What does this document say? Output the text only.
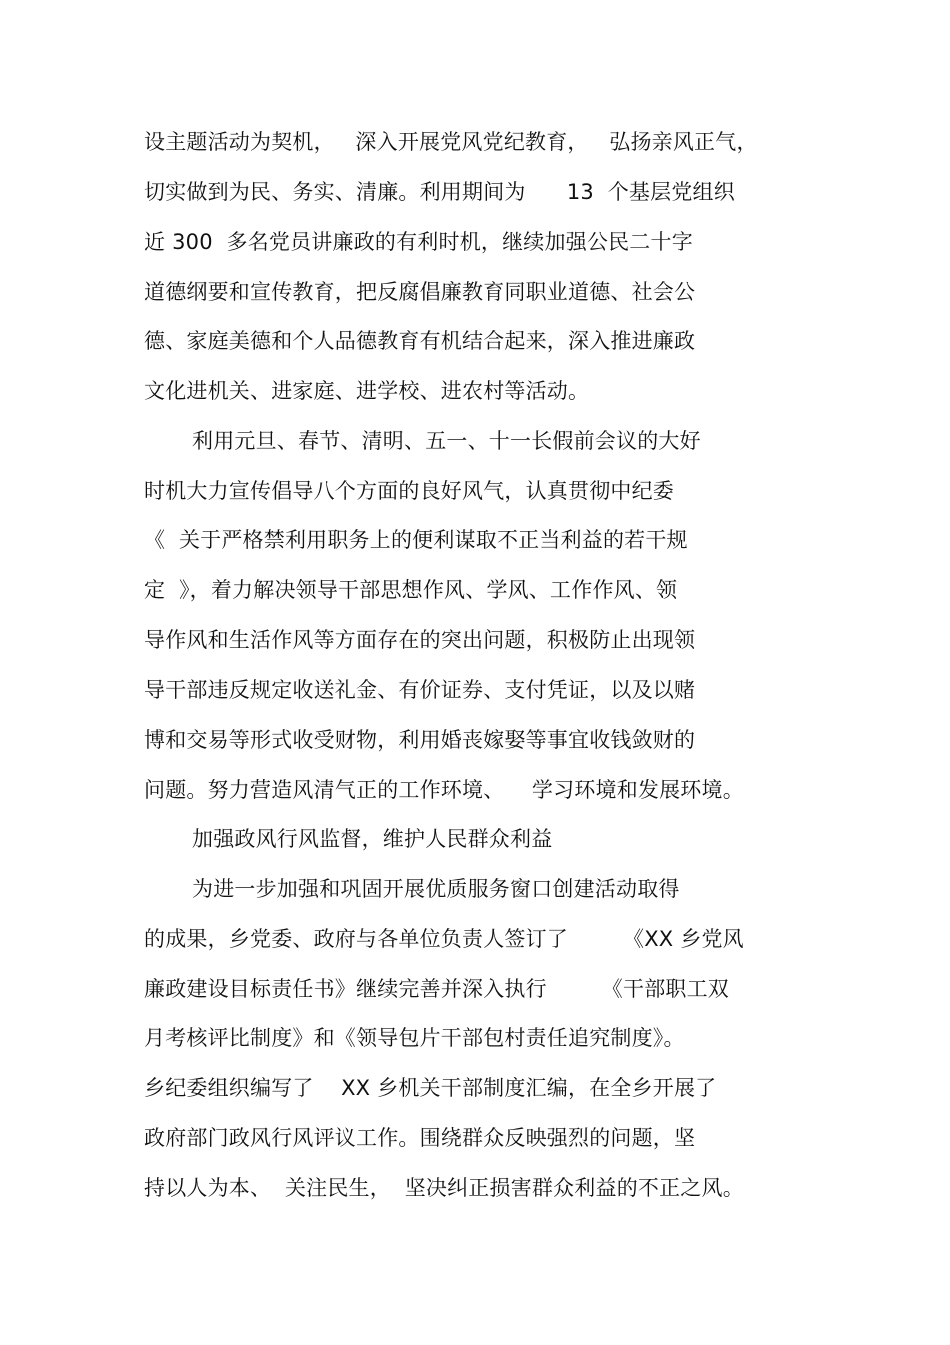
设主题活动为契机，   深入开展党风党纪教育，   弘扬亲风正气，
切实做到为民、务实、清廉。利用期间为      13  个基层党组织
近 300  多名党员讲廉政的有利时机，继续加强公民二十字
道德纲要和宣传教育，把反腐倡廉教育同职业道德、社会公
德、家庭美德和个人品德教育有机结合起来，深入推进廉政
文化进机关、进家庭、进学校、进农村等活动。
利用元旦、春节、清明、五一、十一长假前会议的大好
时机大力宣传倡导八个方面的良好风气，认真贯彻中纪委
《  关于严格禁利用职务上的便利谋取不正当利益的若干规
定  》，着力解决领导干部思想作风、学风、工作作风、领
导作风和生活作风等方面存在的突出问题，积极防止出现领
导干部违反规定收送礼金、有价证券、支付凭证，以及以赌
博和交易等形式收受财物，利用婚丧嫁娶等事宜收钱敛财的
问题。努力营造风清气正的工作环境、    学习环境和发展环境。
加强政风行风监督，维护人民群众利益
为进一步加强和巩固开展优质服务窗口创建活动取得
的成果，乡党委、政府与各单位负责人签订了        《XX 乡党风
廉政建设目标责任书》继续完善并深入执行        《干部职工双
月考核评比制度》和《领导包片干部包村责任追究制度》。
乡纪委组织编写了    XX 乡机关干部制度汇编，在全乡开展了
政府部门政风行风评议工作。围绕群众反映强烈的问题，坚
持以人为本、  关注民生，  坚决纠正损害群众利益的不正之风。
